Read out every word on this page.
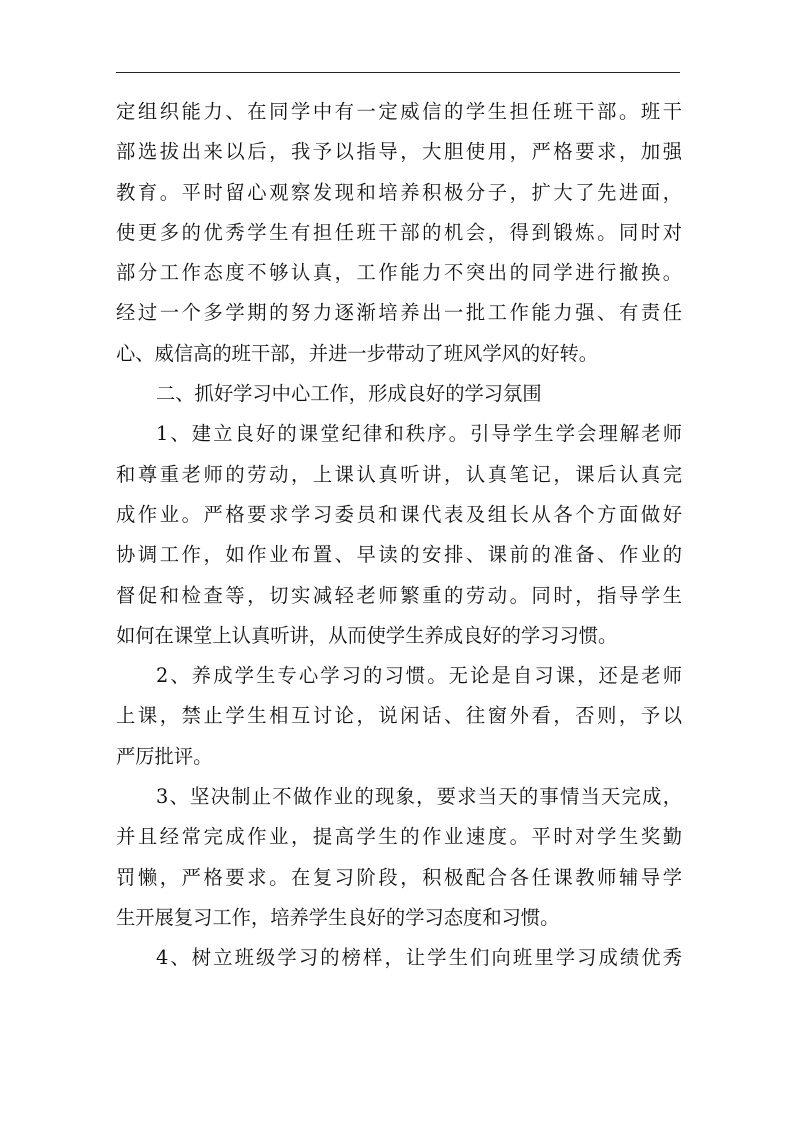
定组织能力、在同学中有一定威信的学生担任班干部。班干
部选拔出来以后，我予以指导，大胆使用，严格要求，加强
教育。平时留心观察发现和培养积极分子，扩大了先进面，
使更多的优秀学生有担任班干部的机会，得到锻炼。同时对
部分工作态度不够认真，工作能力不突出的同学进行撤换。
经过一个多学期的努力逐渐培养出一批工作能力强、有责任
心、威信高的班干部，并进一步带动了班风学风的好转。
二、抓好学习中心工作，形成良好的学习氛围
1、建立良好的课堂纪律和秩序。引导学生学会理解老师
和尊重老师的劳动，上课认真听讲，认真笔记，课后认真完
成作业。严格要求学习委员和课代表及组长从各个方面做好
协调工作，如作业布置、早读的安排、课前的准备、作业的
督促和检查等，切实减轻老师繁重的劳动。同时，指导学生
如何在课堂上认真听讲，从而使学生养成良好的学习习惯。
2、养成学生专心学习的习惯。无论是自习课，还是老师
上课，禁止学生相互讨论，说闲话、往窗外看，否则，予以
严厉批评。
3、坚决制止不做作业的现象，要求当天的事情当天完成，
并且经常完成作业，提高学生的作业速度。平时对学生奖勤
罚懒，严格要求。在复习阶段，积极配合各任课教师辅导学
生开展复习工作，培养学生良好的学习态度和习惯。
4、树立班级学习的榜样，让学生们向班里学习成绩优秀
